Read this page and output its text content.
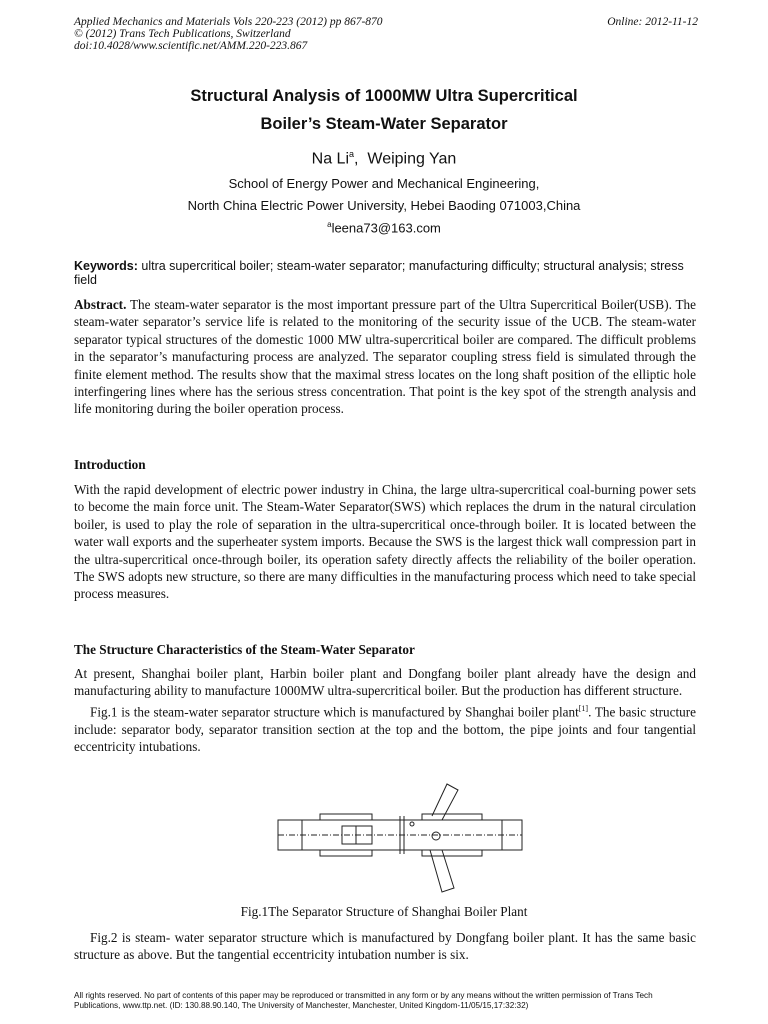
Applied Mechanics and Materials Vols 220-223 (2012) pp 867-870
© (2012) Trans Tech Publications, Switzerland
doi:10.4028/www.scientific.net/AMM.220-223.867
Online: 2012-11-12
Structural Analysis of 1000MW Ultra Supercritical
Boiler’s Steam-Water Separator
Na Li$^a$,  Weiping Yan
School of Energy Power and Mechanical Engineering,
North China Electric Power University, Hebei Baoding 071003,China
$^a$leena73@163.com
Keywords: ultra supercritical boiler; steam-water separator; manufacturing difficulty; structural analysis; stress field

Abstract. The steam-water separator is the most important pressure part of the Ultra Supercritical Boiler(USB). The steam-water separator’s service life is related to the monitoring of the security issue of the UCB. The steam-water separator typical structures of the domestic 1000 MW ultra-supercritical boiler are compared. The difficult problems in the separator’s manufacturing process are analyzed. The separator coupling stress field is simulated through the finite element method. The results show that the maximal stress locates on the long shaft position of the elliptic hole interfingering lines where has the serious stress concentration. That point is the key spot of the strength analysis and life monitoring during the boiler operation process.

Introduction
With the rapid development of electric power industry in China, the large ultra-supercritical coal-burning power sets to become the main force unit. The Steam-Water Separator(SWS) which replaces the drum in the natural circulation boiler, is used to play the role of separation in the ultra-supercritical once-through boiler. It is located between the water wall exports and the superheater system imports. Because the SWS is the largest thick wall compression part in the ultra-supercritical once-through boiler, its operation safety directly affects the reliability of the boiler operation. The SWS adopts new structure, so there are many difficulties in the manufacturing process which need to take special process measures.
The Structure Characteristics of the Steam-Water Separator

At present, Shanghai boiler plant, Harbin boiler plant and Dongfang boiler plant already have the design and manufacturing ability to manufacture 1000MW ultra-supercritical boiler. But the production has different structure.

Fig.1 is the steam-water separator structure which is manufactured by Shanghai boiler plant[1]. The basic structure include: separator body, separator transition section at the top and the bottom, the pipe joints and four tangential eccentricity intubations.

Fig.1The Separator Structure of Shanghai Boiler Plant

Fig.2 is steam- water separator structure which is manufactured by Dongfang boiler plant. It has the same basic structure as above. But the tangential eccentricity intubation number is six.

All rights reserved. No part of contents of this paper may be reproduced or transmitted in any form or by any means without the written permission of Trans Tech Publications, www.ttp.net. (ID: 130.88.90.140, The University of Manchester, Manchester, United Kingdom-11/05/15,17:32:32)
